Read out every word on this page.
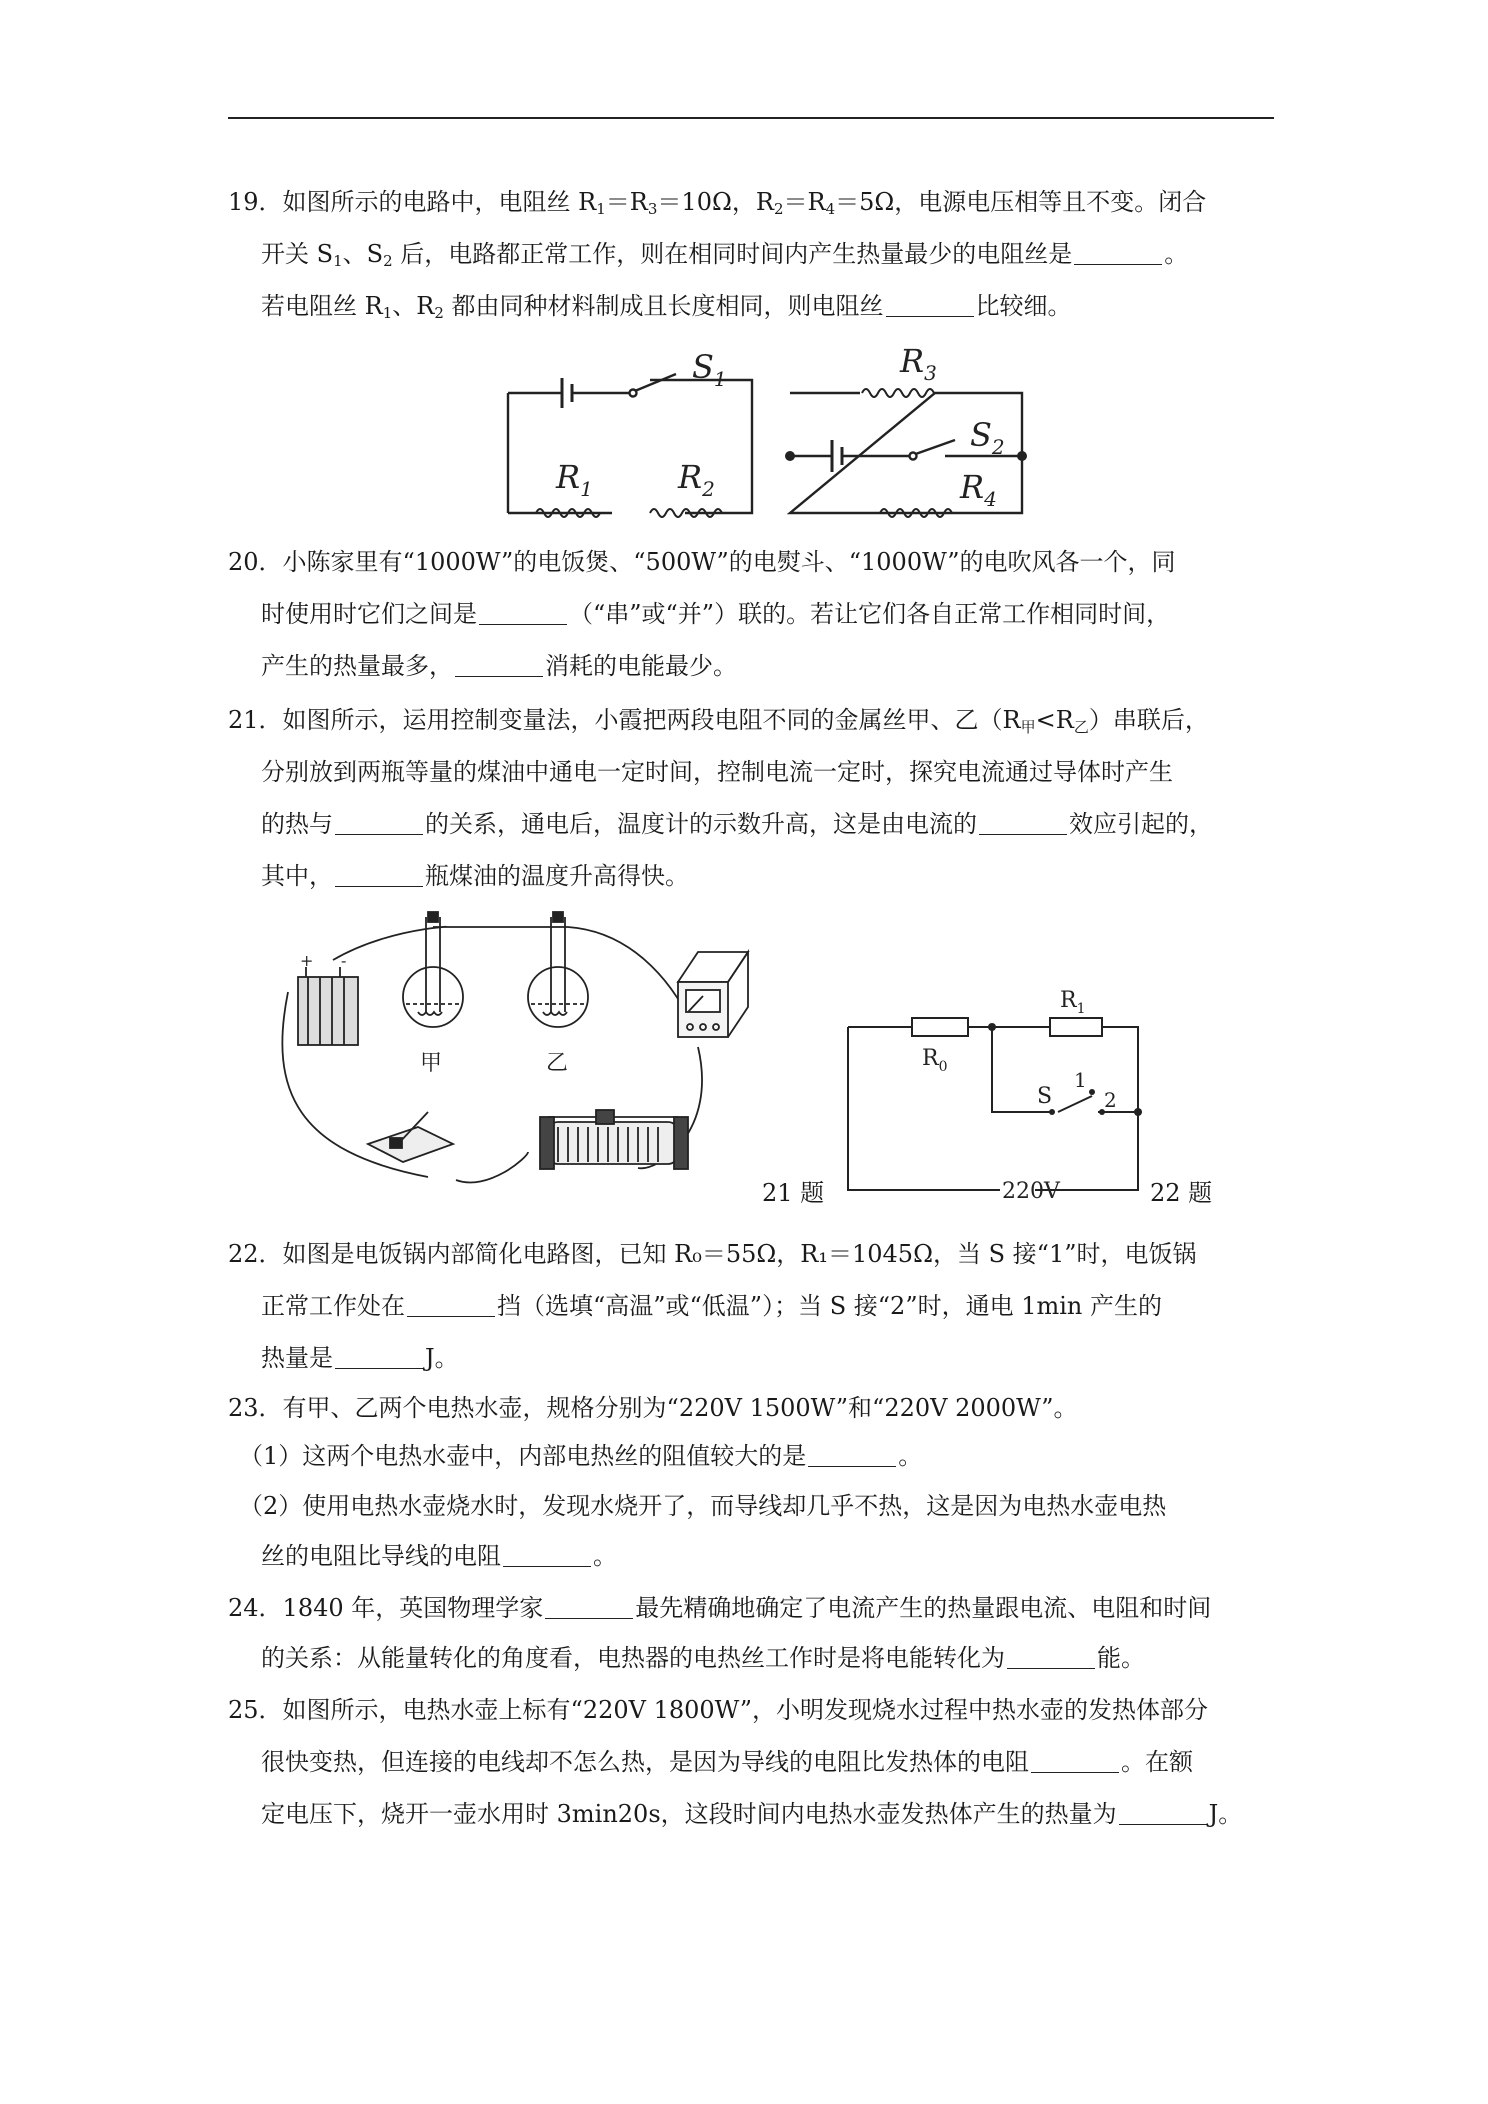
19．如图所示的电路中，电阻丝 $R_1=R_3=10\Omega$，$R_2=R_4=5\Omega$，电源电压相等且不变。闭合
开关 $S_1$、$S_2$ 后，电路都正常工作，则在相同时间内产生热量最少的电阻丝是	。
若电阻丝 $R_1$、$R_2$ 都由同种材料制成且长度相同，则电阻丝	比较细。
$S_1$
$R_1$	$R_2$
$R_3$
$S_2$
$R_4$
20．小陈家里有“1000W”的电饭煲、“500W”的电熨斗、“1000W”的电吹风各一个，同
时使用时它们之间是	（“串”或“并”）联的。若让它们各自正常工作相同时间，
产生的热量最多，	消耗的电能最少。
21．如图所示，运用控制变量法，小霞把两段电阻不同的金属丝甲、乙$(R_甲<R_乙)$串联后，
分别放到两瓶等量的煤油中通电一定时间，控制电流一定时，探究电流通过导体时产生
的热与	的关系，通电后，温度计的示数升高，这是由电流的	效应引起的，
其中，	瓶煤油的温度升高得快。
+ -
甲	乙
21 题
$R_1$
$R_0$
S
1
2
220V	22 题
22．如图是电饭锅内部简化电路图，已知 R₀＝55Ω，R₁＝1045Ω，当 S 接“1”时，电饭锅
正常工作处在	挡（选填“高温”或“低温”）；当 S 接“2”时，通电 1min 产生的
热量是	J。
23．有甲、乙两个电热水壶，规格分别为“220V 1500W”和“220V 2000W”。
（1）这两个电热水壶中，内部电热丝的阻值较大的是	。
（2）使用电热水壶烧水时，发现水烧开了，而导线却几乎不热，这是因为电热水壶电热
丝的电阻比导线的电阻	。
24．1840 年，英国物理学家	最先精确地确定了电流产生的热量跟电流、电阻和时间
的关系：从能量转化的角度看，电热器的电热丝工作时是将电能转化为	能。
25．如图所示，电热水壶上标有“220V 1800W”，小明发现烧水过程中热水壶的发热体部分
很快变热，但连接的电线却不怎么热，是因为导线的电阻比发热体的电阻	。在额
定电压下，烧开一壶水用时 3min20s，这段时间内电热水壶发热体产生的热量为	J。
